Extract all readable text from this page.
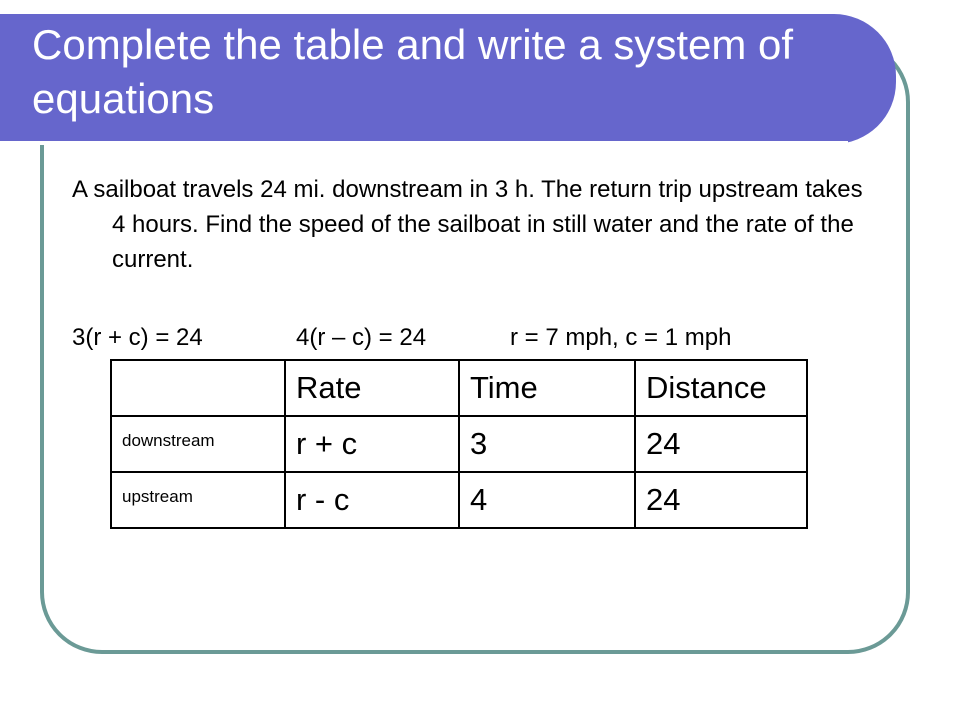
Complete the table and write a system of equations

A sailboat travels 24 mi. downstream in 3 h. The return trip upstream takes 4 hours. Find the speed of the sailboat in still water and the rate of the current.

3(r + c) = 24	4(r – c) = 24	r = 7 mph, c = 1 mph
	Rate	Time	Distance
downstream	r + c	3	24
upstream	r - c	4	24
